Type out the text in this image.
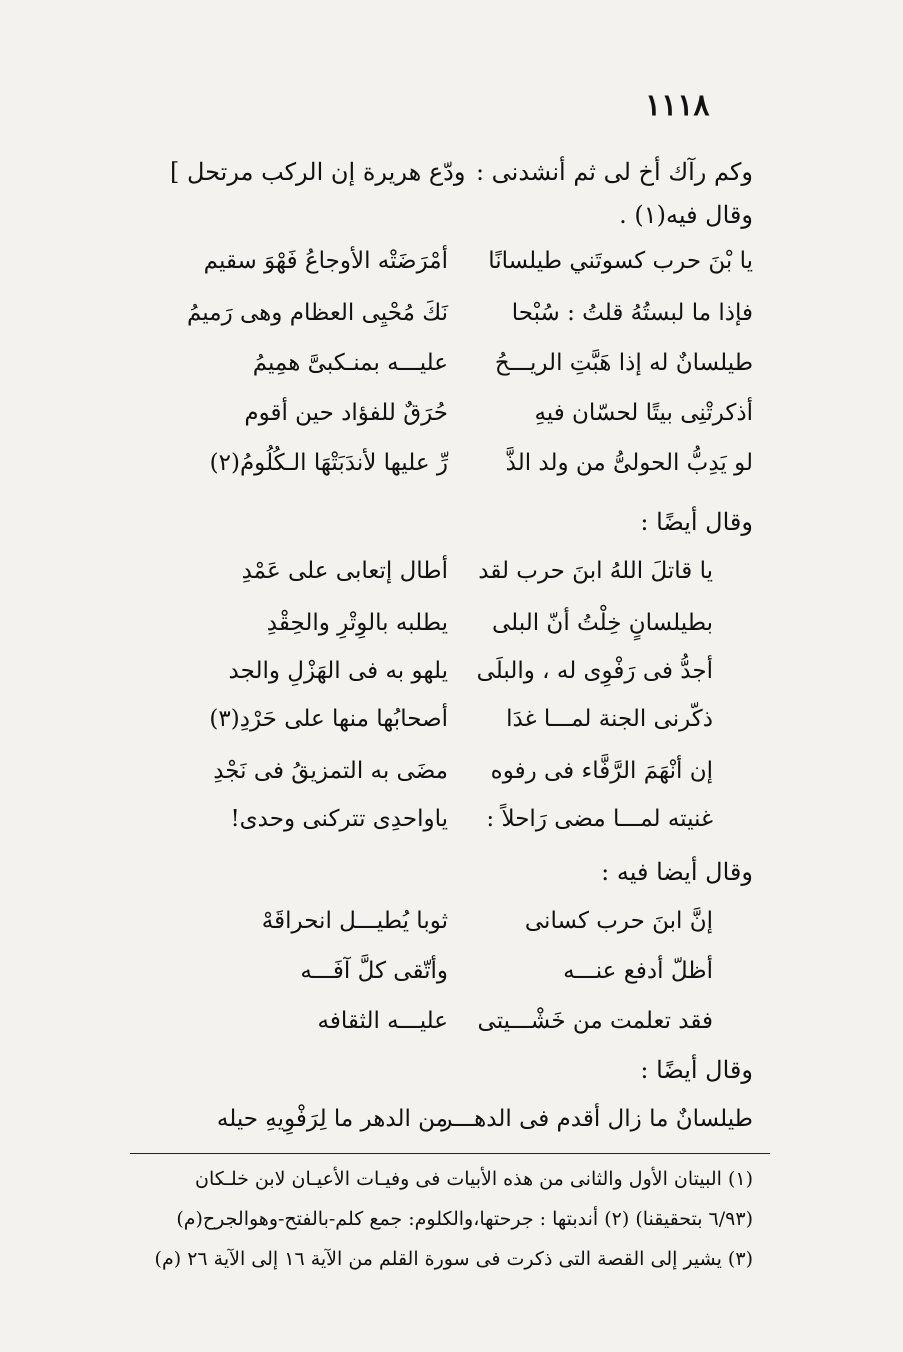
١١١٨
وكم رآك أخ لى ثم أنشدنى :
ودّع هريرة إن الركب مرتحل ]
وقال فيه(١) .
يا بْنَ حرب كسوتَني طيلسانًا
أمْرَضَتْه الأوجاعُ فَهْوَ سقيم
فإذا ما لبستُهُ قلتُ : سُبْحا
نَكَ مُحْيِى العظام وهى رَميمُ
طيلسانٌ له إذا هَبَّتِ الريـــحُ
عليـــه بمنـكبىَّ همِيمُ
أذكرتْنِى بيتًا لحسّان فيهِ
حُرَقٌ للفؤاد حين أقوم
لو يَدِبُّ الحولىُّ من ولد الذَّ
رِّ عليها لأندَبَتْهَا الـكُلُومُ(٢)
وقال أيضًا :
يا قاتلَ اللهُ ابنَ حرب لقد
أطال إتعابى على عَمْدِ
بطيلسانٍ خِلْتُ أنّ البلى
يطلبه بالوِتْرِ والحِقْدِ
أجدُّ فى رَفْوِى له ، والبلَى
يلهو به فى الهَزْلِ والجد
ذكّرنى الجنة لمـــا غدَا
أصحابُها منها على حَرْدِ(٣)
إن أنْهَمَ الرَّفَّاء فى رفوه
مضَى به التمزيقُ فى نَجْدِ
غنيته لمـــا مضى رَاحلاً :
ياواحدِى تتركنى وحدى!
وقال أيضا فيه :
إنَّ ابنَ حرب كسانى
ثوبا يُطيـــل انحراقَهْ
أظلّ أدفع عنـــه
وأتّقى كلَّ آفَـــه
فقد تعلمت من خَشْـــيتى
عليـــه الثقافه
وقال أيضًا :
طيلسانٌ ما زال أقدم فى الدهـــر
من الدهر ما لِرَفْوِيهِ حيله
(١) البيتان الأول والثانى من هذه الأبيات فى وفيـات الأعيـان لابن خلـكان
(٦/٩٣ بتحقيقنا) (٢) أندبتها : جرحتها،والكلوم: جمع كلم-بالفتح-وهوالجرح(م)
(٣) يشير إلى القصة التى ذكرت فى سورة القلم من الآية ١٦ إلى الآية ٢٦ (م)
